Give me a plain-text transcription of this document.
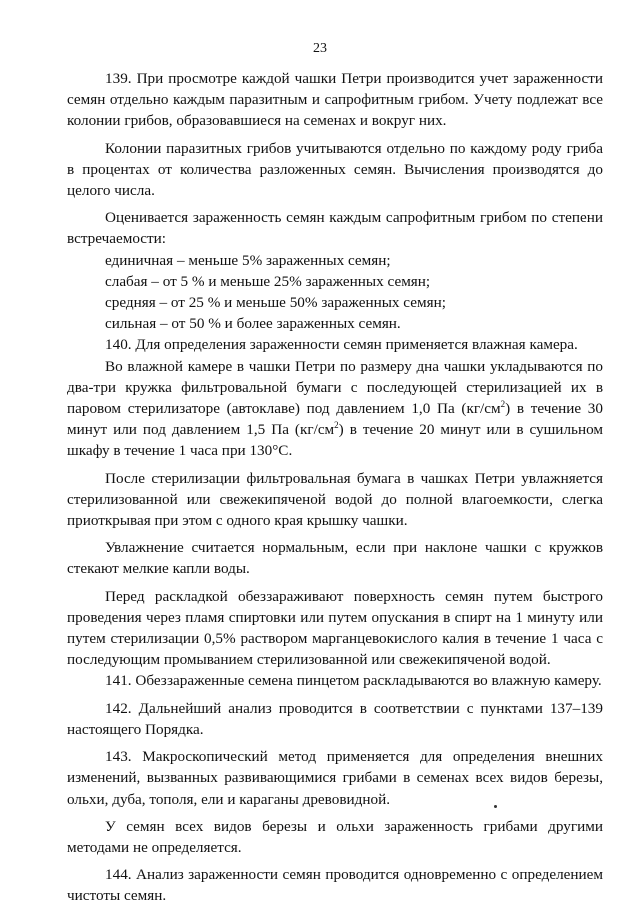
23

139. При просмотре каждой чашки Петри производится учет зараженности семян отдельно каждым паразитным и сапрофитным грибом. Учету подлежат все колонии грибов, образовавшиеся на семенах и вокруг них.

Колонии паразитных грибов учитываются отдельно по каждому роду гриба в процентах от количества разложенных семян. Вычисления производятся до целого числа.

Оценивается зараженность семян каждым сапрофитным грибом по степени встречаемости:

единичная – меньше 5% зараженных семян;
слабая – от 5 % и меньше 25% зараженных семян;
средняя – от 25 % и меньше 50% зараженных семян;
сильная – от 50 % и более зараженных семян.

140. Для определения зараженности семян применяется влажная камера.

Во влажной камере в чашки Петри по размеру дна чашки укладываются по два-три кружка фильтровальной бумаги с последующей стерилизацией их в паровом стерилизаторе (автоклаве) под давлением 1,0 Па $(кг/см^2)$ в течение 30 минут или под давлением 1,5 Па $(кг/см^2)$ в течение 20 минут или в сушильном шкафу в течение 1 часа при 130°С.

После стерилизации фильтровальная бумага в чашках Петри увлажняется стерилизованной или свежекипяченой водой до полной влагоемкости, слегка приоткрывая при этом с одного края крышку чашки.

Увлажнение считается нормальным, если при наклоне чашки с кружков стекают мелкие капли воды.

Перед раскладкой обеззараживают поверхность семян путем быстрого проведения через пламя спиртовки или путем опускания в спирт на 1 минуту или путем стерилизации 0,5% раствором марганцевокислого калия в течение 1 часа с последующим промыванием стерилизованной или свежекипяченой водой.

141. Обеззараженные семена пинцетом раскладываются во влажную камеру.

142. Дальнейший анализ проводится в соответствии с пунктами 137–139 настоящего Порядка.

143. Макроскопический метод применяется для определения внешних изменений, вызванных развивающимися грибами в семенах всех видов березы, ольхи, дуба, тополя, ели и караганы древовидной.

У семян всех видов березы и ольхи зараженность грибами другими методами не определяется.

144. Анализ зараженности семян проводится одновременно с определением чистоты семян.
